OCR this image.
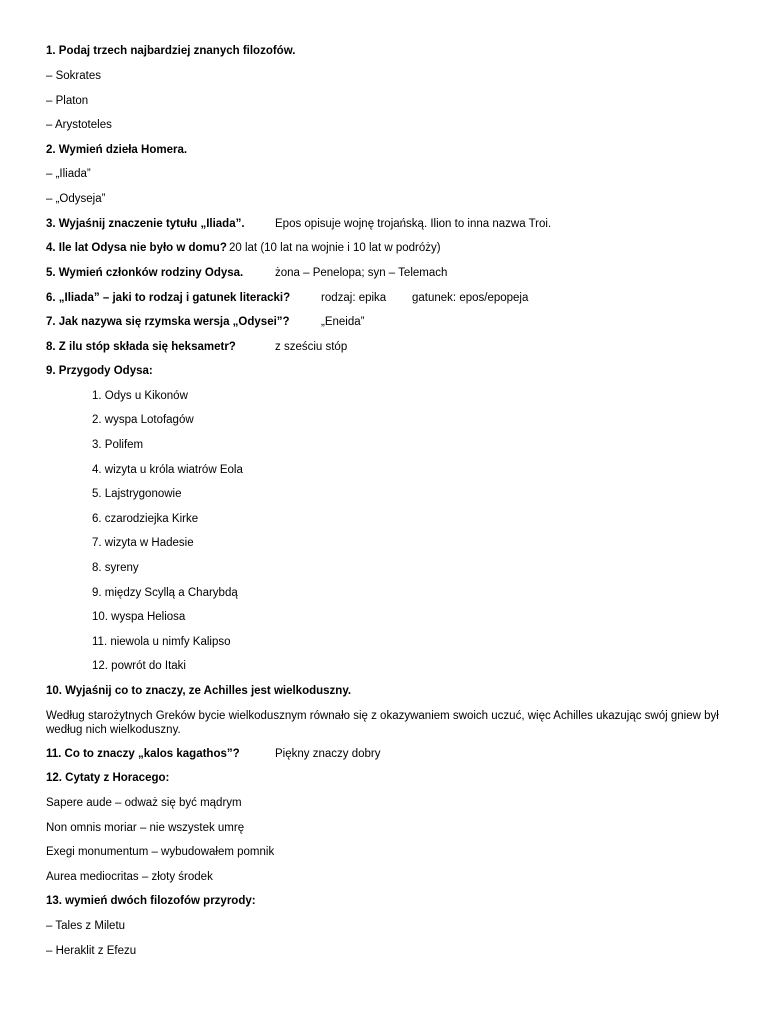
1. Podaj trzech najbardziej znanych filozofów.
– Sokrates
– Platon
– Arystoteles
2. Wymień dzieła Homera.
– „Iliada”
– „Odyseja”
3. Wyjaśnij znaczenie tytułu „Iliada”.	Epos opisuje wojnę trojańską. Ilion to inna nazwa Troi.
4. Ile lat Odysa nie było w domu? 20 lat (10 lat na wojnie i 10 lat w podróży)
5. Wymień członków rodziny Odysa.	żona – Penelopa; syn – Telemach
6. „Iliada” – jaki to rodzaj i gatunek literacki?	rodzaj: epika gatunek: epos/epopeja
7. Jak nazywa się rzymska wersja „Odysei”?	„Eneida”
8. Z ilu stóp składa się heksametr?	z sześciu stóp
9. Przygody Odysa:
1. Odys u Kikonów
2. wyspa Lotofagów
3. Polifem
4. wizyta u króla wiatrów Eola
5. Lajstrygonowie
6. czarodziejka Kirke
7. wizyta w Hadesie
8. syreny
9. między Scyllą a Charybdą
10. wyspa Heliosa
11. niewola u nimfy Kalipso
12. powrót do Itaki
10. Wyjaśnij co to znaczy, ze Achilles jest wielkoduszny.
Według starożytnych Greków bycie wielkodusznym równało się z okazywaniem swoich uczuć, więc Achilles ukazując swój gniew był według nich wielkoduszny.
11. Co to znaczy „kalos kagathos”?	Piękny znaczy dobry
12. Cytaty z Horacego:
Sapere aude – odważ się być mądrym
Non omnis moriar – nie wszystek umrę
Exegi monumentum – wybudowałem pomnik
Aurea mediocritas – złoty środek
13. wymień dwóch filozofów przyrody:
– Tales z Miletu
– Heraklit z Efezu
